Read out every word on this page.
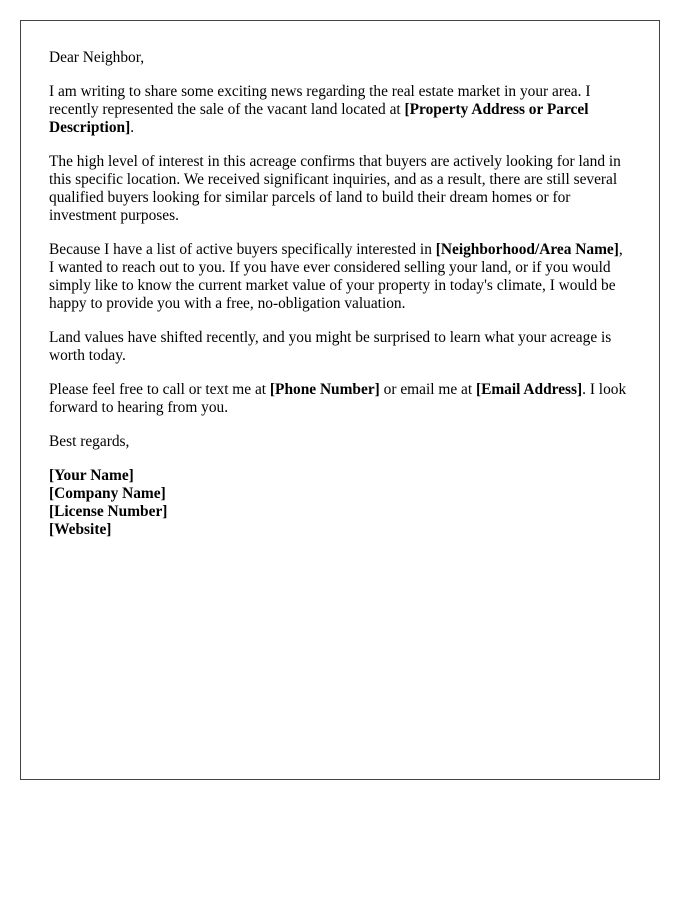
Dear Neighbor,

I am writing to share some exciting news regarding the real estate market in your area. I recently represented the sale of the vacant land located at [Property Address or Parcel Description].

The high level of interest in this acreage confirms that buyers are actively looking for land in this specific location. We received significant inquiries, and as a result, there are still several qualified buyers looking for similar parcels of land to build their dream homes or for investment purposes.

Because I have a list of active buyers specifically interested in [Neighborhood/Area Name], I wanted to reach out to you. If you have ever considered selling your land, or if you would simply like to know the current market value of your property in today's climate, I would be happy to provide you with a free, no-obligation valuation.

Land values have shifted recently, and you might be surprised to learn what your acreage is worth today.

Please feel free to call or text me at [Phone Number] or email me at [Email Address]. I look forward to hearing from you.

Best regards,

[Your Name]
[Company Name]
[License Number]
[Website]
